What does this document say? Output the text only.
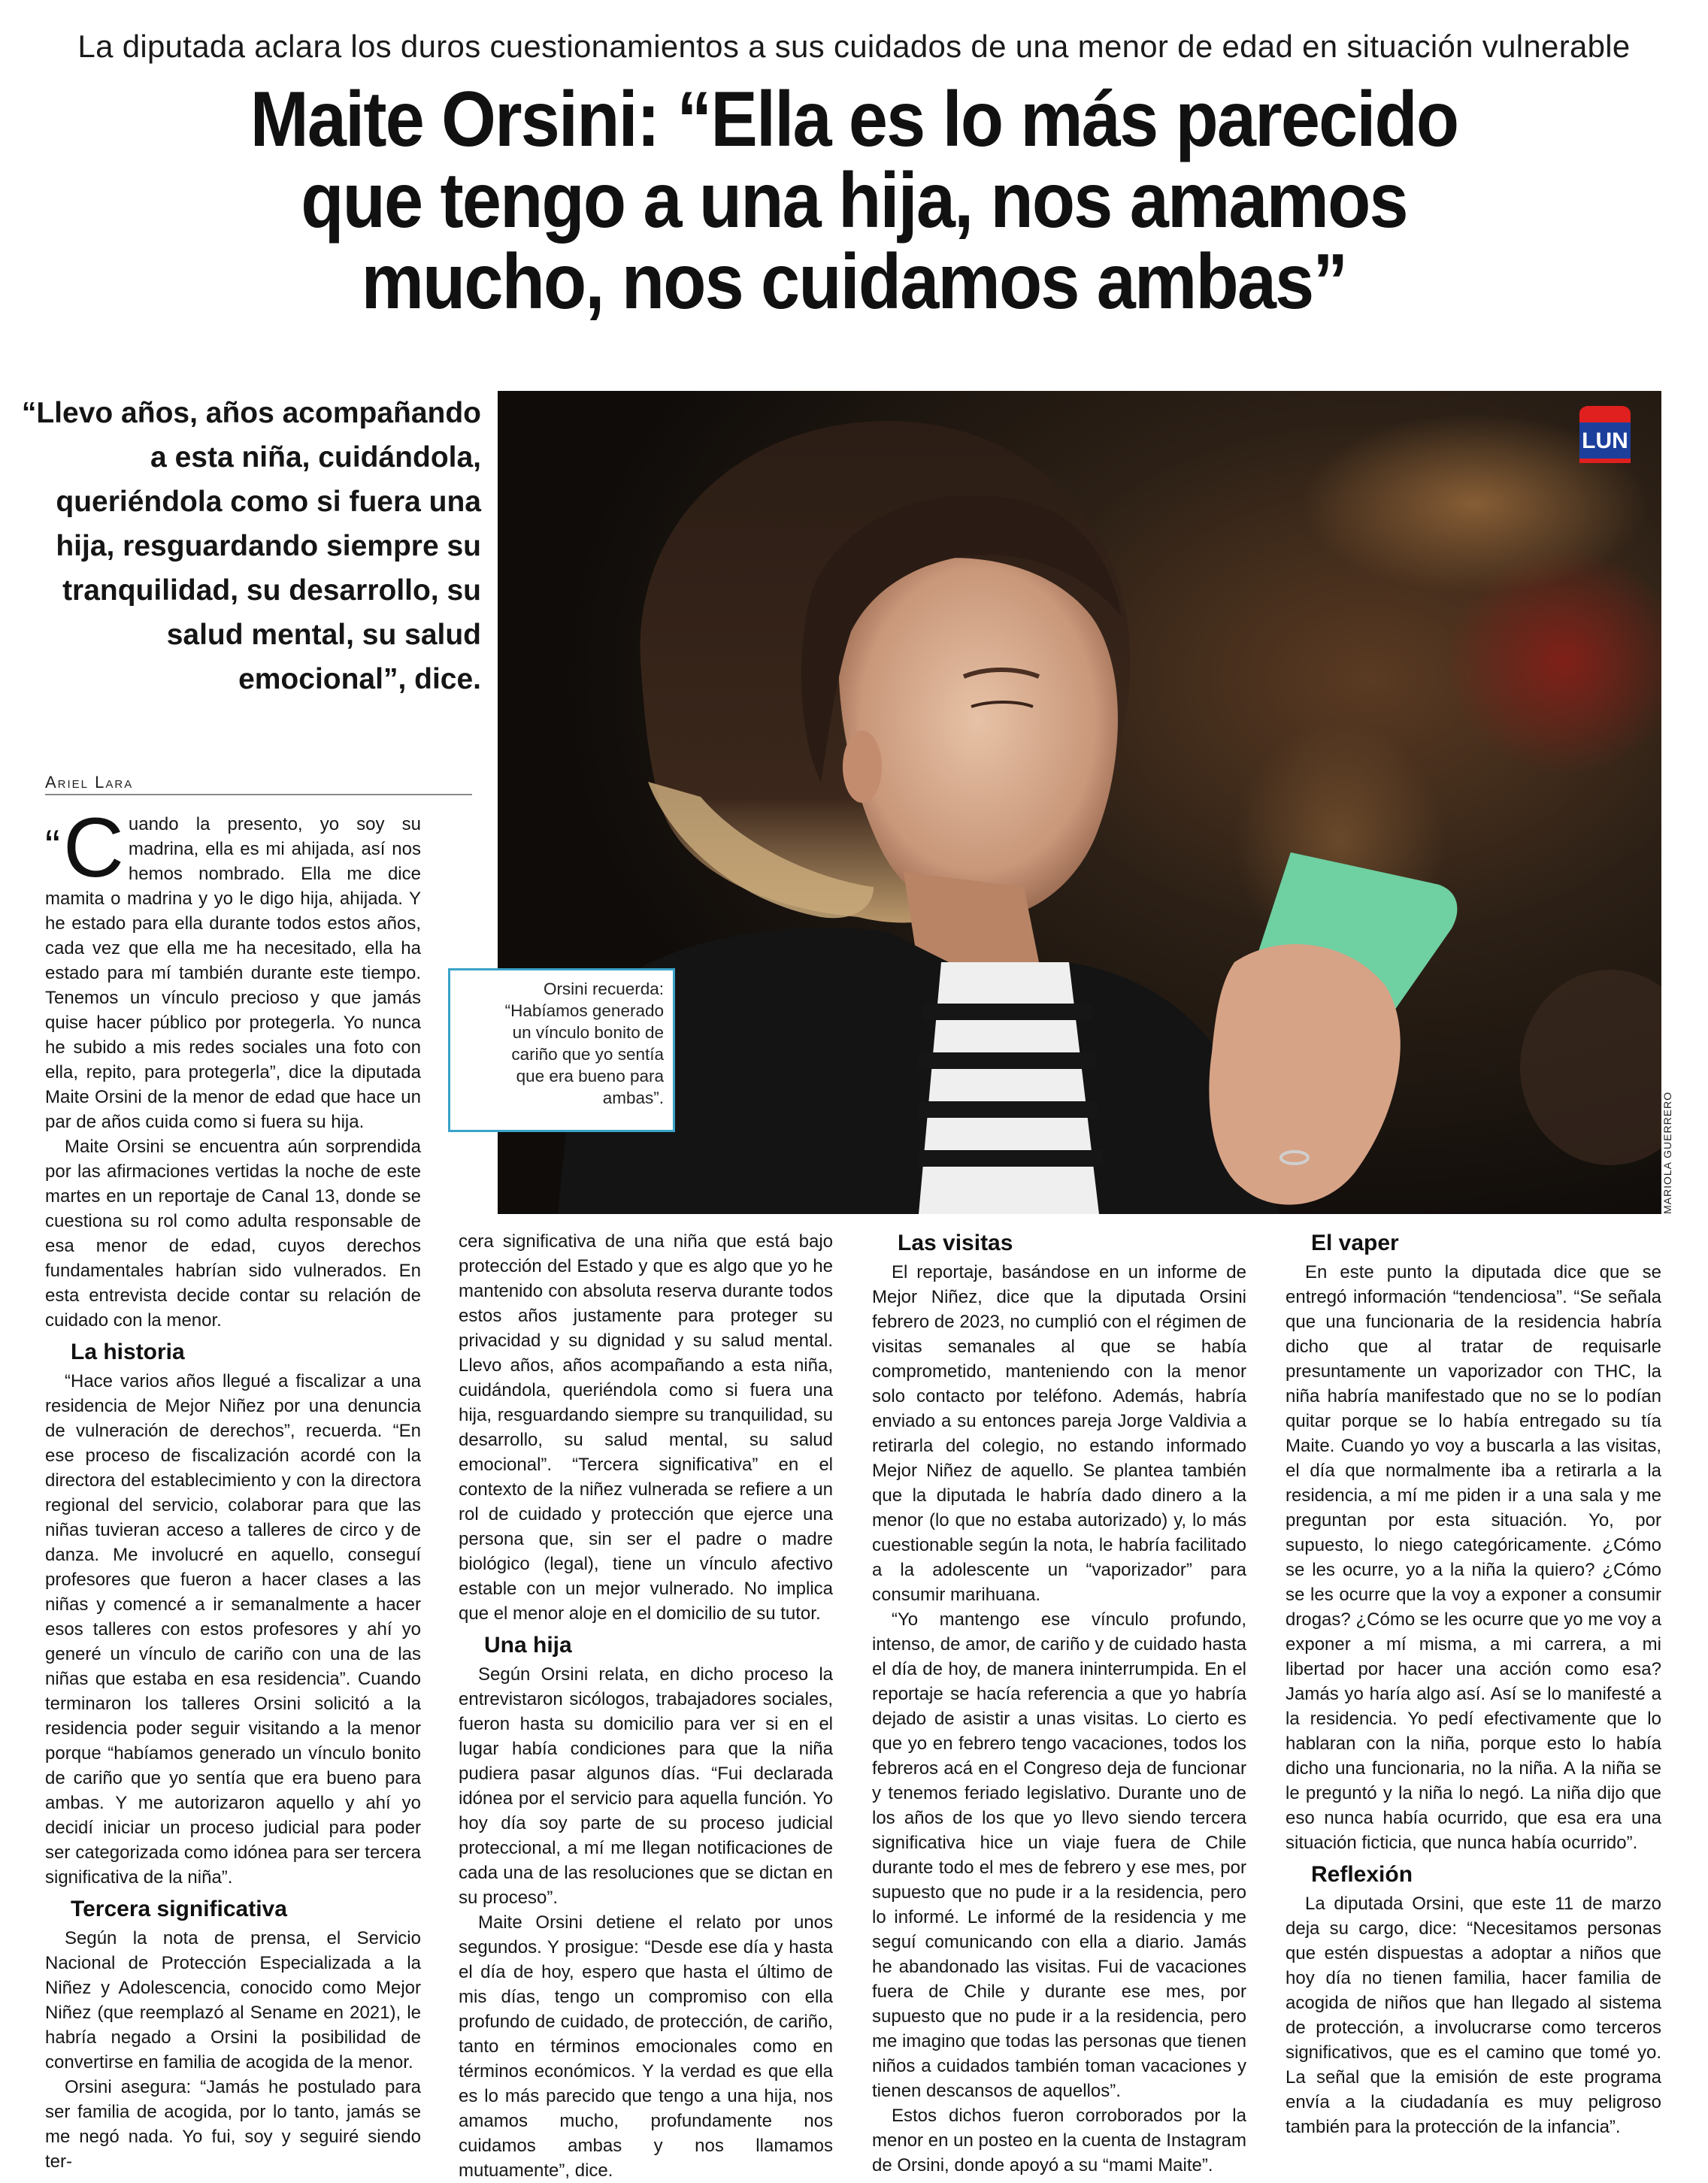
La diputada aclara los duros cuestionamientos a sus cuidados de una menor de edad en situación vulnerable
Maite Orsini: “Ella es lo más parecido
que tengo a una hija, nos amamos
mucho, nos cuidamos ambas”
“Llevo años, años acompañando a esta niña, cuidándola, queriéndola como si fuera una hija, resguardando siempre su tranquilidad, su desarrollo, su salud mental, su salud emocional”, dice.
LUN
MARIOLA GUERRERO
Orsini recuerda:
“Habíamos generado
un vínculo bonito de
cariño que yo sentía
que era bueno para
ambas”.
Ariel Lara

“C uando la presento, yo soy su madrina, ella es mi ahijada, así nos hemos nombrado. Ella me dice mamita o madrina y yo le digo hija, ahijada. Y he estado para ella durante todos estos años, cada vez que ella me ha necesitado, ella ha estado para mí también durante este tiempo. Tenemos un vínculo precioso y que jamás quise hacer público por protegerla. Yo nunca he subido a mis redes sociales una foto con ella, repito, para protegerla”, dice la diputada Maite Orsini de la menor de edad que hace un par de años cuida como si fuera su hija.

Maite Orsini se encuentra aún sorprendida por las afirmaciones vertidas la noche de este martes en un reportaje de Canal 13, donde se cuestiona su rol como adulta responsable de esa menor de edad, cuyos derechos fundamentales habrían sido vulnerados. En esta entrevista decide contar su relación de cuidado con la menor.

La historia

“Hace varios años llegué a fiscalizar a una residencia de Mejor Niñez por una denuncia de vulneración de derechos”, recuerda. “En ese proceso de fiscalización acordé con la directora del establecimiento y con la directora regional del servicio, colaborar para que las niñas tuvieran acceso a talleres de circo y de danza. Me involucré en aquello, conseguí profesores que fueron a hacer clases a las niñas y comencé a ir semanalmente a hacer esos talleres con estos profesores y ahí yo generé un vínculo de cariño con una de las niñas que estaba en esa residencia”. Cuando terminaron los talleres Orsini solicitó a la residencia poder seguir visitando a la menor porque “habíamos generado un vínculo bonito de cariño que yo sentía que era bueno para ambas. Y me autorizaron aquello y ahí yo decidí iniciar un proceso judicial para poder ser categorizada como idónea para ser tercera significativa de la niña”.

Tercera significativa

Según la nota de prensa, el Servicio Nacional de Protección Especializada a la Niñez y Adolescencia, conocido como Mejor Niñez (que reemplazó al Sename en 2021), le habría negado a Orsini la posibilidad de convertirse en familia de acogida de la menor.

Orsini asegura: “Jamás he postulado para ser familia de acogida, por lo tanto, jamás se me negó nada. Yo fui, soy y seguiré siendo ter-

cera significativa de una niña que está bajo protección del Estado y que es algo que yo he mantenido con absoluta reserva durante todos estos años justamente para proteger su privacidad y su dignidad y su salud mental. Llevo años, años acompañando a esta niña, cuidándola, queriéndola como si fuera una hija, resguardando siempre su tranquilidad, su desarrollo, su salud mental, su salud emocional”. “Tercera significativa” en el contexto de la niñez vulnerada se refiere a un rol de cuidado y protección que ejerce una persona que, sin ser el padre o madre biológico (legal), tiene un vínculo afectivo estable con un mejor vulnerado. No implica que el menor aloje en el domicilio de su tutor.

Una hija

Según Orsini relata, en dicho proceso la entrevistaron sicólogos, trabajadores sociales, fueron hasta su domicilio para ver si en el lugar había condiciones para que la niña pudiera pasar algunos días. “Fui declarada idónea por el servicio para aquella función. Yo hoy día soy parte de su proceso judicial proteccional, a mí me llegan notificaciones de cada una de las resoluciones que se dictan en su proceso”.

Maite Orsini detiene el relato por unos segundos. Y prosigue: “Desde ese día y hasta el día de hoy, espero que hasta el último de mis días, tengo un compromiso con ella profundo de cuidado, de protección, de cariño, tanto en términos emocionales como en términos económicos. Y la verdad es que ella es lo más parecido que tengo a una hija, nos amamos mucho, profundamente nos cuidamos ambas y nos llamamos mutuamente”, dice.

Las visitas

El reportaje, basándose en un informe de Mejor Niñez, dice que la diputada Orsini febrero de 2023, no cumplió con el régimen de visitas semanales al que se había comprometido, manteniendo con la menor solo contacto por teléfono. Además, habría enviado a su entonces pareja Jorge Valdivia a retirarla del colegio, no estando informado Mejor Niñez de aquello. Se plantea también que la diputada le habría dado dinero a la menor (lo que no estaba autorizado) y, lo más cuestionable según la nota, le habría facilitado a la adolescente un “vaporizador” para consumir marihuana.

“Yo mantengo ese vínculo profundo, intenso, de amor, de cariño y de cuidado hasta el día de hoy, de manera ininterrumpida. En el reportaje se hacía referencia a que yo habría dejado de asistir a unas visitas. Lo cierto es que yo en febrero tengo vacaciones, todos los febreros acá en el Congreso deja de funcionar y tenemos feriado legislativo. Durante uno de los años de los que yo llevo siendo tercera significativa hice un viaje fuera de Chile durante todo el mes de febrero y ese mes, por supuesto que no pude ir a la residencia, pero lo informé. Le informé de la residencia y me seguí comunicando con ella a diario. Jamás he abandonado las visitas. Fui de vacaciones fuera de Chile y durante ese mes, por supuesto que no pude ir a la residencia, pero me imagino que todas las personas que tienen niños a cuidados también toman vacaciones y tienen descansos de aquellos”.

Estos dichos fueron corroborados por la menor en un posteo en la cuenta de Instagram de Orsini, donde apoyó a su “mami Maite”.

El vaper

En este punto la diputada dice que se entregó información “tendenciosa”. “Se señala que una funcionaria de la residencia habría dicho que al tratar de requisarle presuntamente un vaporizador con THC, la niña habría manifestado que no se lo podían quitar porque se lo había entregado su tía Maite. Cuando yo voy a buscarla a las visitas, el día que normalmente iba a retirarla a la residencia, a mí me piden ir a una sala y me preguntan por esta situación. Yo, por supuesto, lo niego categóricamente. ¿Cómo se les ocurre, yo a la niña la quiero? ¿Cómo se les ocurre que la voy a exponer a consumir drogas? ¿Cómo se les ocurre que yo me voy a exponer a mí misma, a mi carrera, a mi libertad por hacer una acción como esa? Jamás yo haría algo así. Así se lo manifesté a la residencia. Yo pedí efectivamente que lo hablaran con la niña, porque esto lo había dicho una funcionaria, no la niña. A la niña se le preguntó y la niña lo negó. La niña dijo que eso nunca había ocurrido, que esa era una situación ficticia, que nunca había ocurrido”.

Reflexión

La diputada Orsini, que este 11 de marzo deja su cargo, dice: “Necesitamos personas que estén dispuestas a adoptar a niños que hoy día no tienen familia, hacer familia de acogida de niños que han llegado al sistema de protección, a involucrarse como terceros significativos, que es el camino que tomé yo. La señal que la emisión de este programa envía a la ciudadanía es muy peligroso también para la protección de la infancia”.
